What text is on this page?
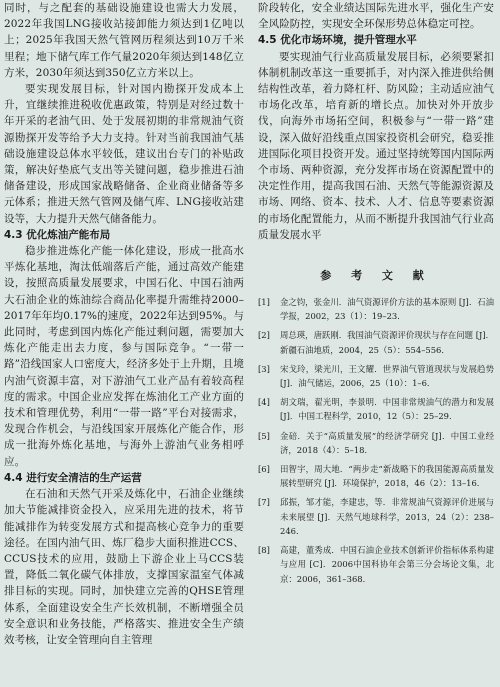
同时，与之配套的基础设施建设也需大力发展，2022年我国LNG接收站接卸能力须达到1亿吨以上；2025年我国天然气管网历程须达到10万千米里程；地下储气库工作气量2020年须达到148亿立方米，2030年须达到350亿立方米以上。

要实现发展目标，针对国内勘探开发成本上升，宜继续推进税收优惠政策，特别是对经过数十年开采的老油气田、处于发展初期的非常规油气资源勘探开发等给予大力支持。针对当前我国油气基础设施建设总体水平较低，建议出台专门的补贴政策，解决好垫底气支出等关键问题，稳步推进石油储备建设，形成国家战略储备、企业商业储备等多元体系；推进天然气管网及储气库、LNG接收站建设等，大力提升天然气储备能力。

4.3 优化炼油产能布局

稳步推进炼化产能一体化建设，形成一批高水平炼化基地，淘汰低端落后产能，通过高效产能建设，按照高质量发展要求，中国石化、中国石油两大石油企业的炼油综合商品化率提升需维持2000–2017年年均0.17%的速度，2022年达到95%。与此同时，考虑到国内炼化产能过剩问题，需要加大炼化产能走出去力度，参与国际竞争。“一带一路”沿线国家人口密度大，经济多处于上升期，且境内油气资源丰富，对下游油气工业产品有着较高程度的需求。中国企业应发挥在炼油化工产业方面的技术和管理优势，利用“一带一路”平台对接需求，发现合作机会，与沿线国家开展炼化产能合作，形成一批海外炼化基地，与海外上游油气业务相呼应。

4.4 进行安全清洁的生产运营

在石油和天然气开采及炼化中，石油企业继续加大节能减排资金投入，应采用先进的技术，将节能减排作为转变发展方式和提高核心竞争力的重要途径。在国内油气田、炼厂稳步大面积推进CCS、CCUS技术的应用，鼓励上下游企业上马CCS装置，降低二氧化碳气体排放，支撑国家温室气体减排目标的实现。同时，加快建立完善的QHSE管理体系，全面建设安全生产长效机制，不断增强全员安全意识和业务技能，严格落实、推进安全生产绩效考核，让安全管理向自主管理

阶段转化，安全业绩达国际先进水平，强化生产安全风险防控，实现安全环保形势总体稳定可控。

4.5 优化市场环境，提升管理水平

要实现油气行业高质量发展目标，必须要紧扣体制机制改革这一重要抓手，对内深入推进供给侧结构性改革，着力降杠杆、防风险；主动适应油气市场化改革，培育新的增长点。加快对外开放步伐，向海外市场拓空间，积极参与“一带一路”建设，深入做好沿线重点国家投资机会研究，稳妥推进国际化项目投资开发。通过坚持统筹国内国际两个市场、两种资源，充分发挥市场在资源配置中的决定性作用，提高我国石油、天然气等能源资源及市场、网络、资本、技术、人才、信息等要素资源的市场化配置能力，从而不断提升我国油气行业高质量发展水平

参 考 文 献
[1]	金之钧，张金川．油气资源评价方法的基本原则 [J]．石油学报，2002，23（1）：19–23．
[2]	周总瑛，唐跃刚．我国油气资源评价现状与存在问题 [J]．新疆石油地质，2004，25（5）：554–556．
[3]	宋戈玲，梁光川，王文耀．世界油气管道现状与发展趋势 [J]．油气储运，2006，25（10）：1–6．
[4]	胡文瑞，翟光明，李景明．中国非常规油气的潜力和发展 [J]．中国工程科学，2010，12（5）：25–29．
[5]	金碚．关于“高质量发展”的经济学研究 [J]．中国工业经济，2018（4）：5–18．
[6]	田智宇，周大地．“两步走”新战略下的我国能源高质量发展转型研究 [J]．环境保护，2018，46（2）：13–16．
[7]	邱振，邹才能，李建忠，等．非常规油气资源评价进展与未来展望 [J]．天然气地球科学，2013，24（2）：238–246．
[8]	高建，董秀成．中国石油企业技术创新评价指标体系构建与应用 [C]．2006中国科协年会第三分会场论文集，北京：2006，361–368．
